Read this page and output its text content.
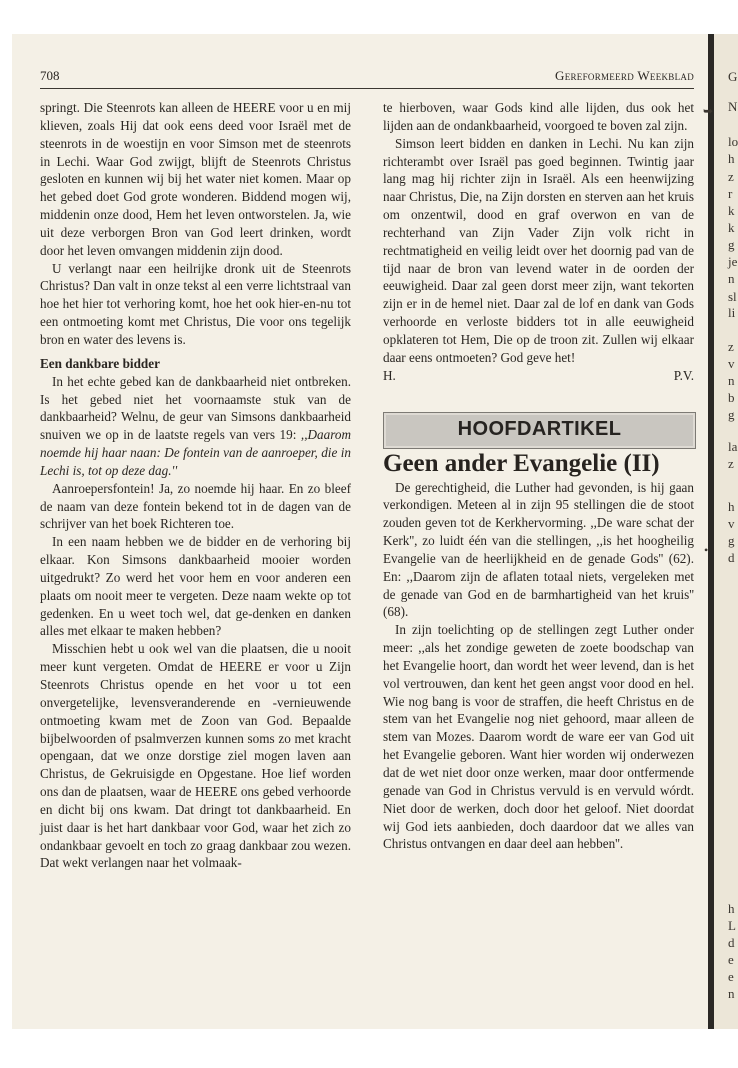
G
N
lo
h
z
r
k
k
g
je
n
sl
li
z
v
n
b
g
la
z
h
v
g
d
h
L
d
e
e
n
708	Gereformeerd Weekblad

springt. Die Steenrots kan alleen de HEERE voor u en mij klieven, zoals Hij dat ook eens deed voor Israël met de steenrots in de woestijn en voor Simson met de steenrots in Lechi. Waar God zwijgt, blijft de Steenrots Christus gesloten en kunnen wij bij het water niet komen. Maar op het gebed doet God grote wonderen. Biddend mogen wij, middenin onze dood, Hem het leven ontworstelen. Ja, wie uit deze verborgen Bron van God leert drinken, wordt door het leven omvangen middenin zijn dood.

U verlangt naar een heilrijke dronk uit de Steenrots Christus? Dan valt in onze tekst al een verre lichtstraal van hoe het hier tot verhoring komt, hoe het ook hier-en-nu tot een ontmoeting komt met Christus, Die voor ons tegelijk bron en water des levens is.

Een dankbare bidder

In het echte gebed kan de dankbaarheid niet ontbreken. Is het gebed niet het voornaamste stuk van de dankbaarheid? Welnu, de geur van Simsons dankbaarheid snuiven we op in de laatste regels van vers 19: ,,Daarom noemde hij haar naan: De fontein van de aanroeper, die in Lechi is, tot op deze dag.''

Aanroepersfontein! Ja, zo noemde hij haar. En zo bleef de naam van deze fontein bekend tot in de dagen van de schrijver van het boek Richteren toe.

In een naam hebben we de bidder en de verhoring bij elkaar. Kon Simsons dankbaarheid mooier worden uitgedrukt? Zo werd het voor hem en voor anderen een plaats om nooit meer te vergeten. Deze naam wekte op tot gedenken. En u weet toch wel, dat ge-denken en danken alles met elkaar te maken hebben?

Misschien hebt u ook wel van die plaatsen, die u nooit meer kunt vergeten. Omdat de HEERE er voor u Zijn Steenrots Christus opende en het voor u tot een onvergetelijke, levensveranderende en -vernieuwende ontmoeting kwam met de Zoon van God. Bepaalde bijbelwoorden of psalmverzen kunnen soms zo met kracht opengaan, dat we onze dorstige ziel mogen laven aan Christus, de Gekruisigde en Opgestane. Hoe lief worden ons dan de plaatsen, waar de HEERE ons gebed verhoorde en dicht bij ons kwam. Dat dringt tot dankbaarheid. En juist daar is het hart dankbaar voor God, waar het zich zo ondankbaar gevoelt en toch zo graag dankbaar zou wezen. Dat wekt verlangen naar het volmaak-

te hierboven, waar Gods kind alle lijden, dus ook het lijden aan de ondankbaarheid, voorgoed te boven zal zijn.

Simson leert bidden en danken in Lechi. Nu kan zijn richterambt over Israël pas goed beginnen. Twintig jaar lang mag hij richter zijn in Israël. Als een heenwijzing naar Christus, Die, na Zijn dorsten en sterven aan het kruis om onzentwil, dood en graf overwon en van de rechterhand van Zijn Vader Zijn volk richt in rechtmatigheid en veilig leidt over het doornig pad van de tijd naar de bron van levend water in de oorden der eeuwigheid. Daar zal geen dorst meer zijn, want tekorten zijn er in de hemel niet. Daar zal de lof en dank van Gods verhoorde en verloste bidders tot in alle eeuwigheid opklateren tot Hem, Die op de troon zit. Zullen wij elkaar daar eens ontmoeten? God geve het!

H.	P.V.

HOOFDARTIKEL

Geen ander Evangelie (II)

De gerechtigheid, die Luther had gevonden, is hij gaan verkondigen. Meteen al in zijn 95 stellingen die de stoot zouden geven tot de Kerkhervorming. ,,De ware schat der Kerk'', zo luidt één van die stellingen, ,,is het hoogheilig Evangelie van de heerlijkheid en de genade Gods'' (62). En: ,,Daarom zijn de aflaten totaal niets, vergeleken met de genade van God en de barmhartigheid van het kruis'' (68).

In zijn toelichting op de stellingen zegt Luther onder meer: ,,als het zondige geweten de zoete boodschap van het Evangelie hoort, dan wordt het weer levend, dan is het vol vertrouwen, dan kent het geen angst voor dood en hel. Wie nog bang is voor de straffen, die heeft Christus en de stem van het Evangelie nog niet gehoord, maar alleen de stem van Mozes. Daarom wordt de ware eer van God uit het Evangelie geboren. Want hier worden wij onderwezen dat de wet niet door onze werken, maar door ontfermende genade van God in Christus vervuld is en vervuld wórdt. Niet door de werken, doch door het geloof. Niet doordat wij God iets aanbieden, doch daardoor dat we alles van Christus ontvangen en daar deel aan hebben''.

➥
•
